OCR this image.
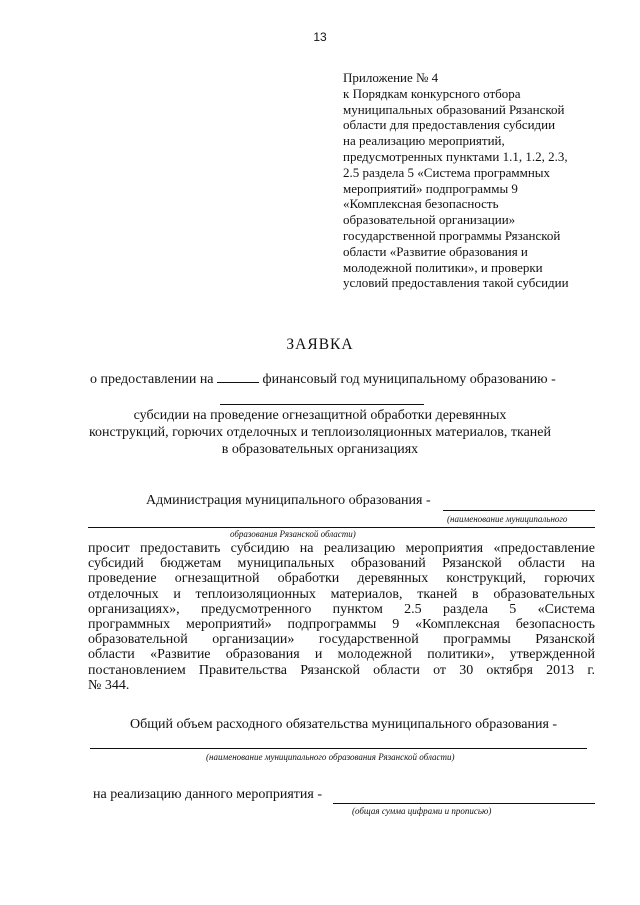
13
Приложение № 4
к Порядкам конкурсного отбора
муниципальных образований Рязанской
области для предоставления субсидии
на реализацию мероприятий,
предусмотренных пунктами 1.1, 1.2, 2.3,
2.5 раздела 5 «Система программных
мероприятий» подпрограммы 9
«Комплексная безопасность
образовательной организации»
государственной программы Рязанской
области «Развитие образования и
молодежной политики», и проверки
условий предоставления такой субсидии
ЗАЯВКА
о предоставлении на	финансовый год муниципальному образованию -
субсидии на проведение огнезащитной обработки деревянных
конструкций, горючих отделочных и теплоизоляционных материалов, тканей
в образовательных организациях
Администрация муниципального образования -
(наименование муниципального
образования Рязанской области)
просит предоставить субсидию на реализацию мероприятия «предоставление
субсидий бюджетам муниципальных образований Рязанской области на
проведение огнезащитной обработки деревянных конструкций, горючих
отделочных и теплоизоляционных материалов, тканей в образовательных
организациях», предусмотренного пунктом 2.5 раздела 5 «Система
программных мероприятий» подпрограммы 9 «Комплексная безопасность
образовательной организации» государственной программы Рязанской
области «Развитие образования и молодежной политики», утвержденной
постановлением Правительства Рязанской области от 30 октября 2013 г.
№ 344.
Общий объем расходного обязательства муниципального образования -
(наименование муниципального образования Рязанской области)
на реализацию данного мероприятия -
(общая сумма цифрами и прописью)
